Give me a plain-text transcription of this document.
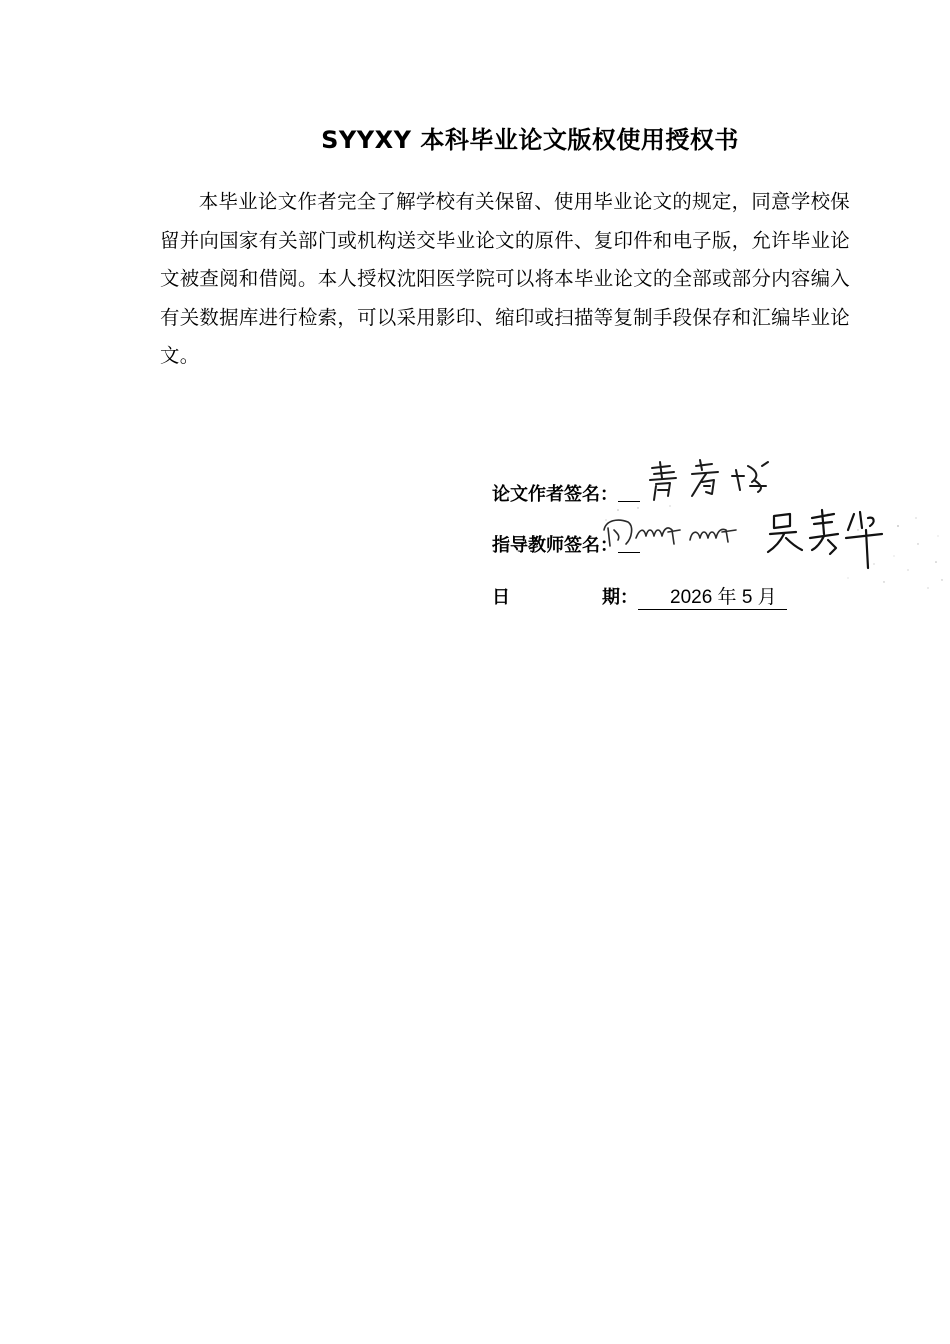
SYYXY 本科毕业论文版权使用授权书
本毕业论文作者完全了解学校有关保留、使用毕业论文的规定，同意学校保留并向国家有关部门或机构送交毕业论文的原件、复印件和电子版，允许毕业论文被查阅和借阅。本人授权沈阳医学院可以将本毕业论文的全部或部分内容编入有关数据库进行检索，可以采用影印、缩印或扫描等复制手段保存和汇编毕业论文。
论文作者签名：
指导教师签名：
日	期： 2026 年 5 月
